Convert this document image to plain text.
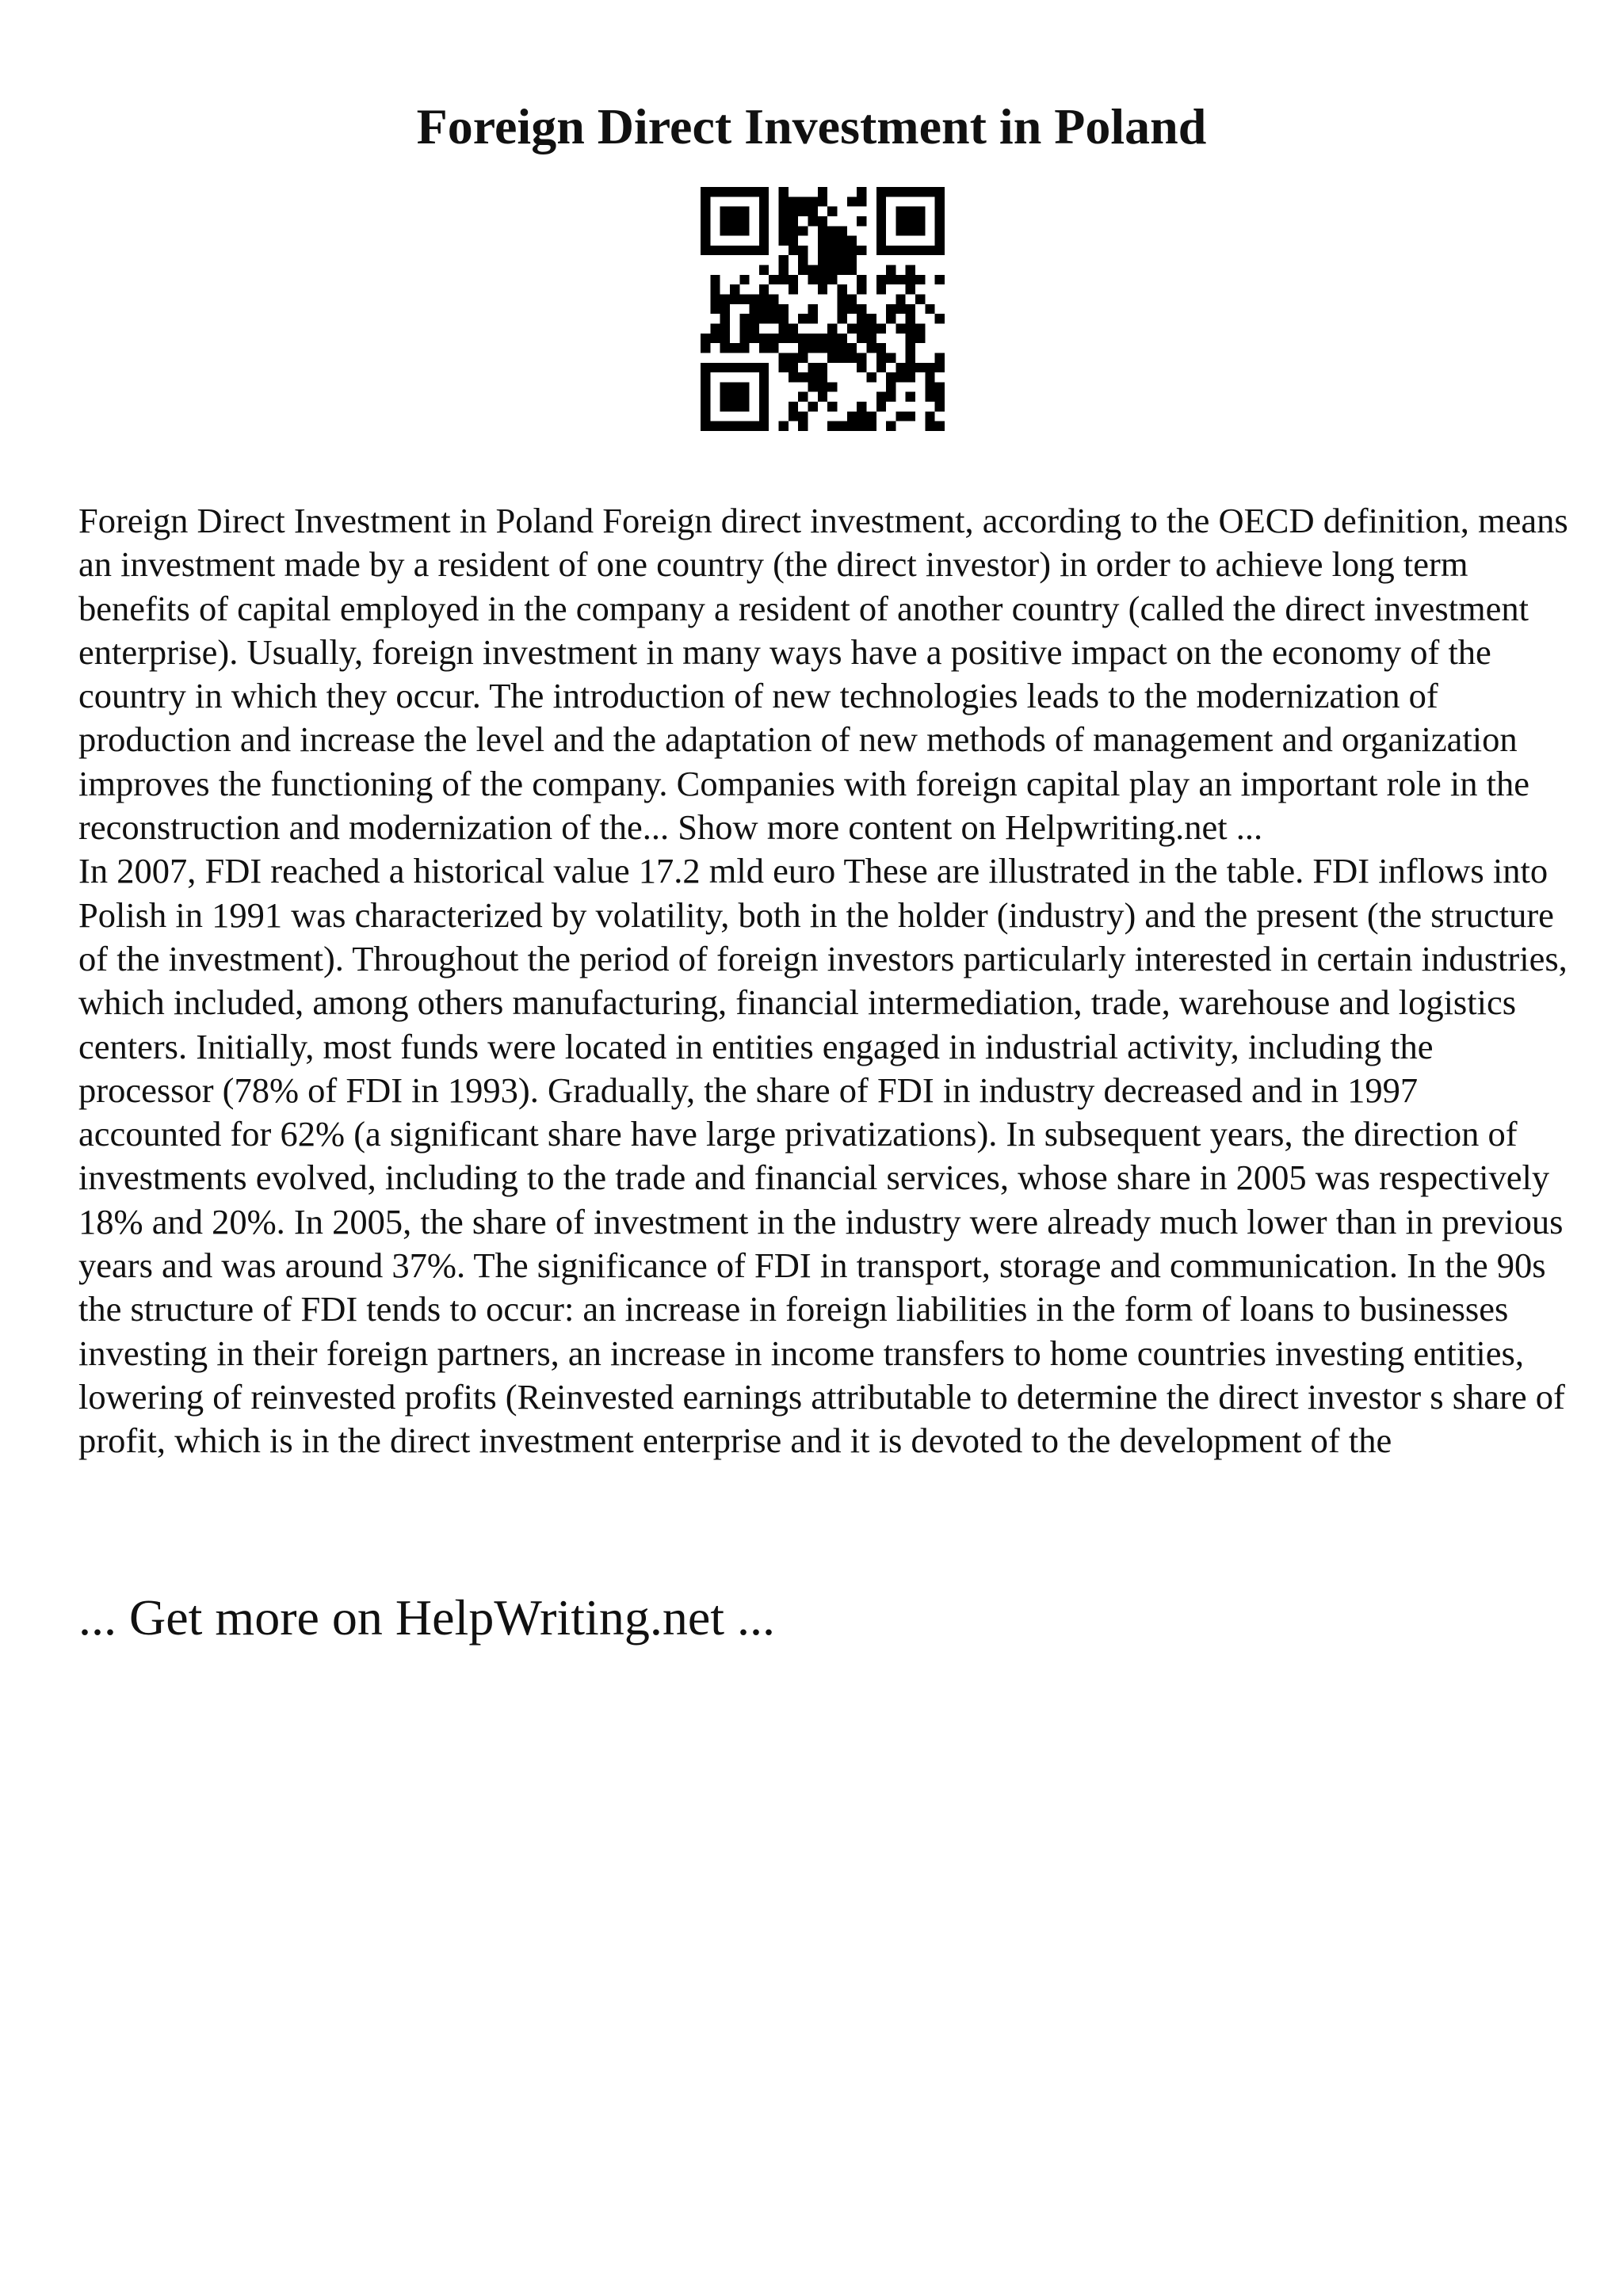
Foreign Direct Investment in Poland

Foreign Direct Investment in Poland Foreign direct investment, according to the OECD definition, means an investment made by a resident of one country (the direct investor) in order to achieve long term benefits of capital employed in the company a resident of another country (called the direct investment enterprise). Usually, foreign investment in many ways have a positive impact on the economy of the country in which they occur. The introduction of new technologies leads to the modernization of production and increase the level and the adaptation of new methods of management and organization improves the functioning of the company. Companies with foreign capital play an important role in the reconstruction and modernization of the... Show more content on Helpwriting.net ...

In 2007, FDI reached a historical value 17.2 mld euro These are illustrated in the table. FDI inflows into Polish in 1991 was characterized by volatility, both in the holder (industry) and the present (the structure of the investment). Throughout the period of foreign investors particularly interested in certain industries, which included, among others manufacturing, financial intermediation, trade, warehouse and logistics centers. Initially, most funds were located in entities engaged in industrial activity, including the processor (78% of FDI in 1993). Gradually, the share of FDI in industry decreased and in 1997 accounted for 62% (a significant share have large privatizations). In subsequent years, the direction of investments evolved, including to the trade and financial services, whose share in 2005 was respectively 18% and 20%. In 2005, the share of investment in the industry were already much lower than in previous years and was around 37%. The significance of FDI in transport, storage and communication. In the 90s the structure of FDI tends to occur: an increase in foreign liabilities in the form of loans to businesses investing in their foreign partners, an increase in income transfers to home countries investing entities, lowering of reinvested profits (Reinvested earnings attributable to determine the direct investor s share of profit, which is in the direct investment enterprise and it is devoted to the development of the

... Get more on HelpWriting.net ...
